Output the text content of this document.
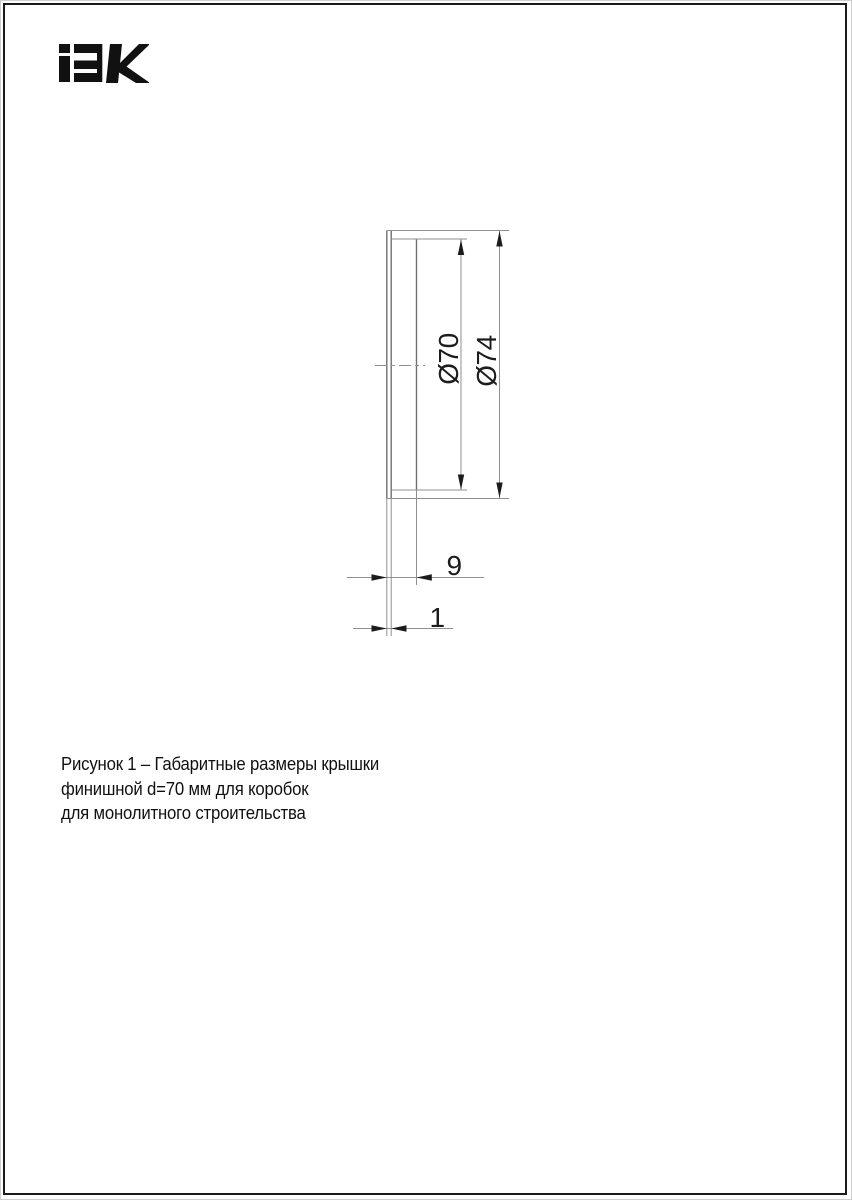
Ø70 Ø74
9
1
Рисунок 1 – Габаритные размеры крышки
финишной d=70 мм для коробок
для монолитного строительства
